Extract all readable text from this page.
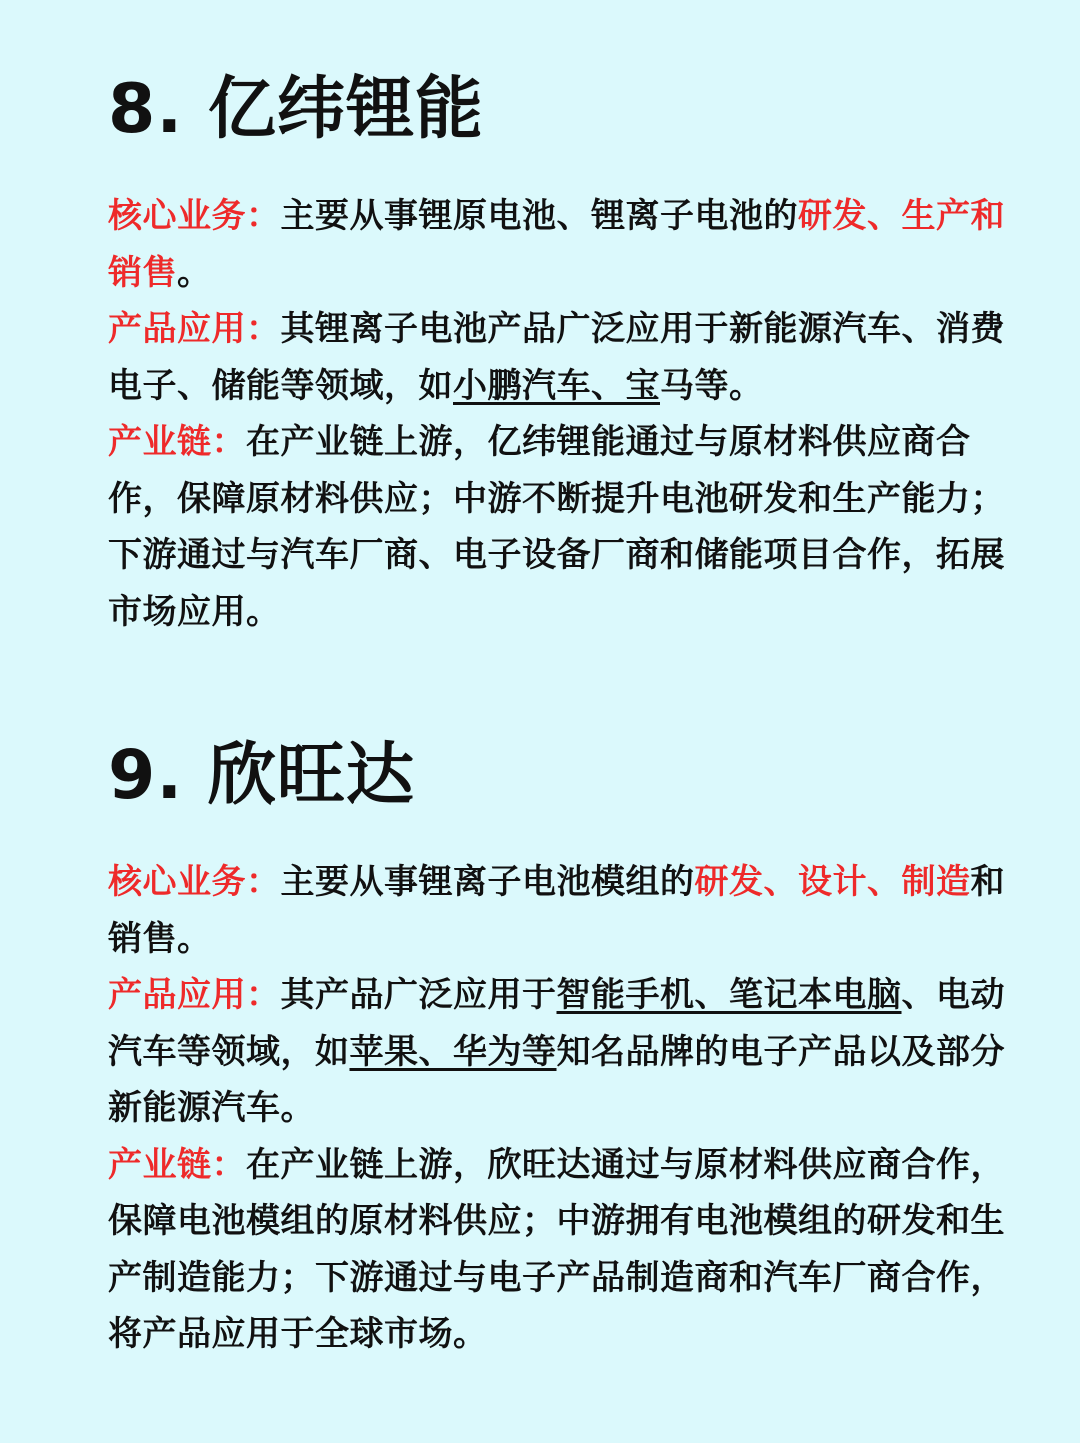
8. 亿纬锂能

核心业务：主要从事锂原电池、锂离子电池的研发、生产和销售。

产品应用：其锂离子电池产品广泛应用于新能源汽车、消费电子、储能等领域，如小鹏汽车、宝马等。

产业链：在产业链上游，亿纬锂能通过与原材料供应商合作，保障原材料供应；中游不断提升电池研发和生产能力；下游通过与汽车厂商、电子设备厂商和储能项目合作，拓展市场应用。

9. 欣旺达

核心业务：主要从事锂离子电池模组的研发、设计、制造和销售。

产品应用：其产品广泛应用于智能手机、笔记本电脑、电动汽车等领域，如苹果、华为等知名品牌的电子产品以及部分新能源汽车。

产业链：在产业链上游，欣旺达通过与原材料供应商合作，保障电池模组的原材料供应；中游拥有电池模组的研发和生产制造能力；下游通过与电子产品制造商和汽车厂商合作，将产品应用于全球市场。
